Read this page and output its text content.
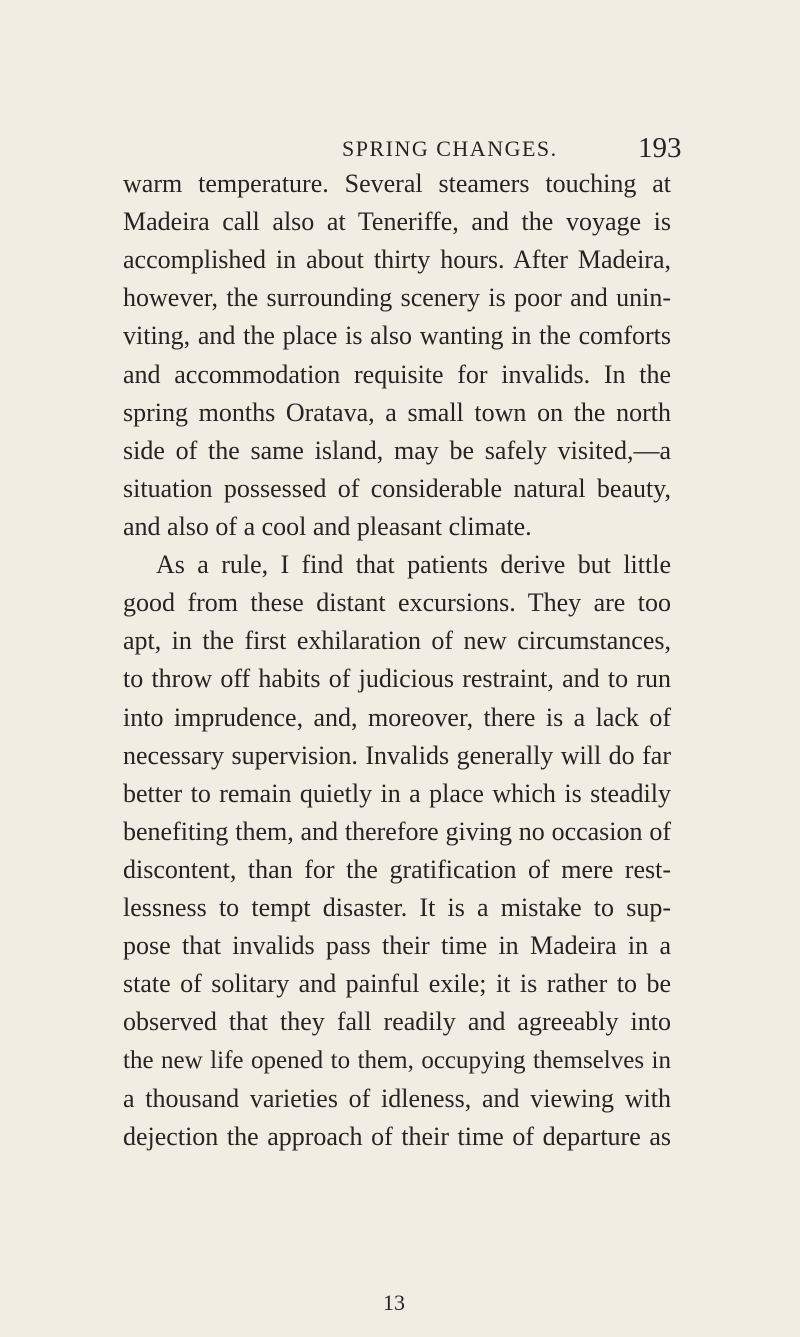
SPRING CHANGES.	193
warm temperature. Several steamers touching at
Madeira call also at Teneriffe, and the voyage is
accomplished in about thirty hours. After Madeira,
however, the surrounding scenery is poor and unin-
viting, and the place is also wanting in the comforts
and accommodation requisite for invalids. In the
spring months Oratava, a small town on the north
side of the same island, may be safely visited,—a
situation possessed of considerable natural beauty,
and also of a cool and pleasant climate.
As a rule, I find that patients derive but little
good from these distant excursions. They are too
apt, in the first exhilaration of new circumstances,
to throw off habits of judicious restraint, and to run
into imprudence, and, moreover, there is a lack of
necessary supervision. Invalids generally will do far
better to remain quietly in a place which is steadily
benefiting them, and therefore giving no occasion of
discontent, than for the gratification of mere rest-
lessness to tempt disaster. It is a mistake to sup-
pose that invalids pass their time in Madeira in a
state of solitary and painful exile; it is rather to be
observed that they fall readily and agreeably into
the new life opened to them, occupying themselves in
a thousand varieties of idleness, and viewing with
dejection the approach of their time of departure as
13
